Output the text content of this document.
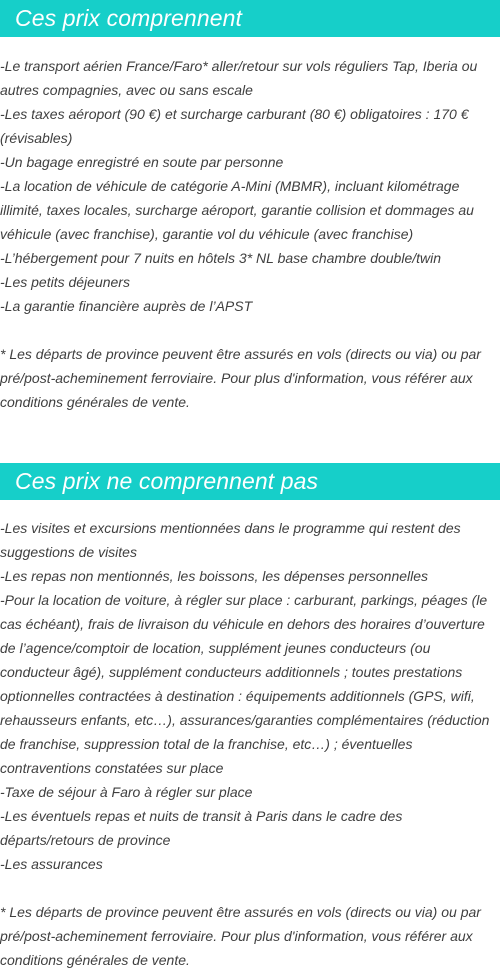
Ces prix comprennent
-Le transport aérien France/Faro* aller/retour sur vols réguliers Tap, Iberia ou autres compagnies, avec ou sans escale
-Les taxes aéroport (90 €) et surcharge carburant (80 €) obligatoires : 170 € (révisables)
-Un bagage enregistré en soute par personne
-La location de véhicule de catégorie A-Mini (MBMR), incluant kilométrage illimité, taxes locales, surcharge aéroport, garantie collision et dommages au véhicule (avec franchise), garantie vol du véhicule (avec franchise)
-L’hébergement pour 7 nuits en hôtels 3* NL base chambre double/twin
-Les petits déjeuners
-La garantie financière auprès de l’APST
* Les départs de province peuvent être assurés en vols (directs ou via) ou par pré/post-acheminement ferroviaire. Pour plus d'information, vous référer aux conditions générales de vente.
Ces prix ne comprennent pas
-Les visites et excursions mentionnées dans le programme qui restent des suggestions de visites
-Les repas non mentionnés, les boissons, les dépenses personnelles
-Pour la location de voiture, à régler sur place : carburant, parkings, péages (le cas échéant), frais de livraison du véhicule en dehors des horaires d’ouverture de l’agence/comptoir de location, supplément jeunes conducteurs (ou conducteur âgé), supplément conducteurs additionnels ; toutes prestations optionnelles contractées à destination : équipements additionnels (GPS, wifi, rehausseurs enfants, etc…), assurances/garanties complémentaires (réduction de franchise, suppression total de la franchise, etc…) ; éventuelles contraventions constatées sur place
-Taxe de séjour à Faro à régler sur place
-Les éventuels repas et nuits de transit à Paris dans le cadre des départs/retours de province
-Les assurances
* Les départs de province peuvent être assurés en vols (directs ou via) ou par pré/post-acheminement ferroviaire. Pour plus d'information, vous référer aux conditions générales de vente.
